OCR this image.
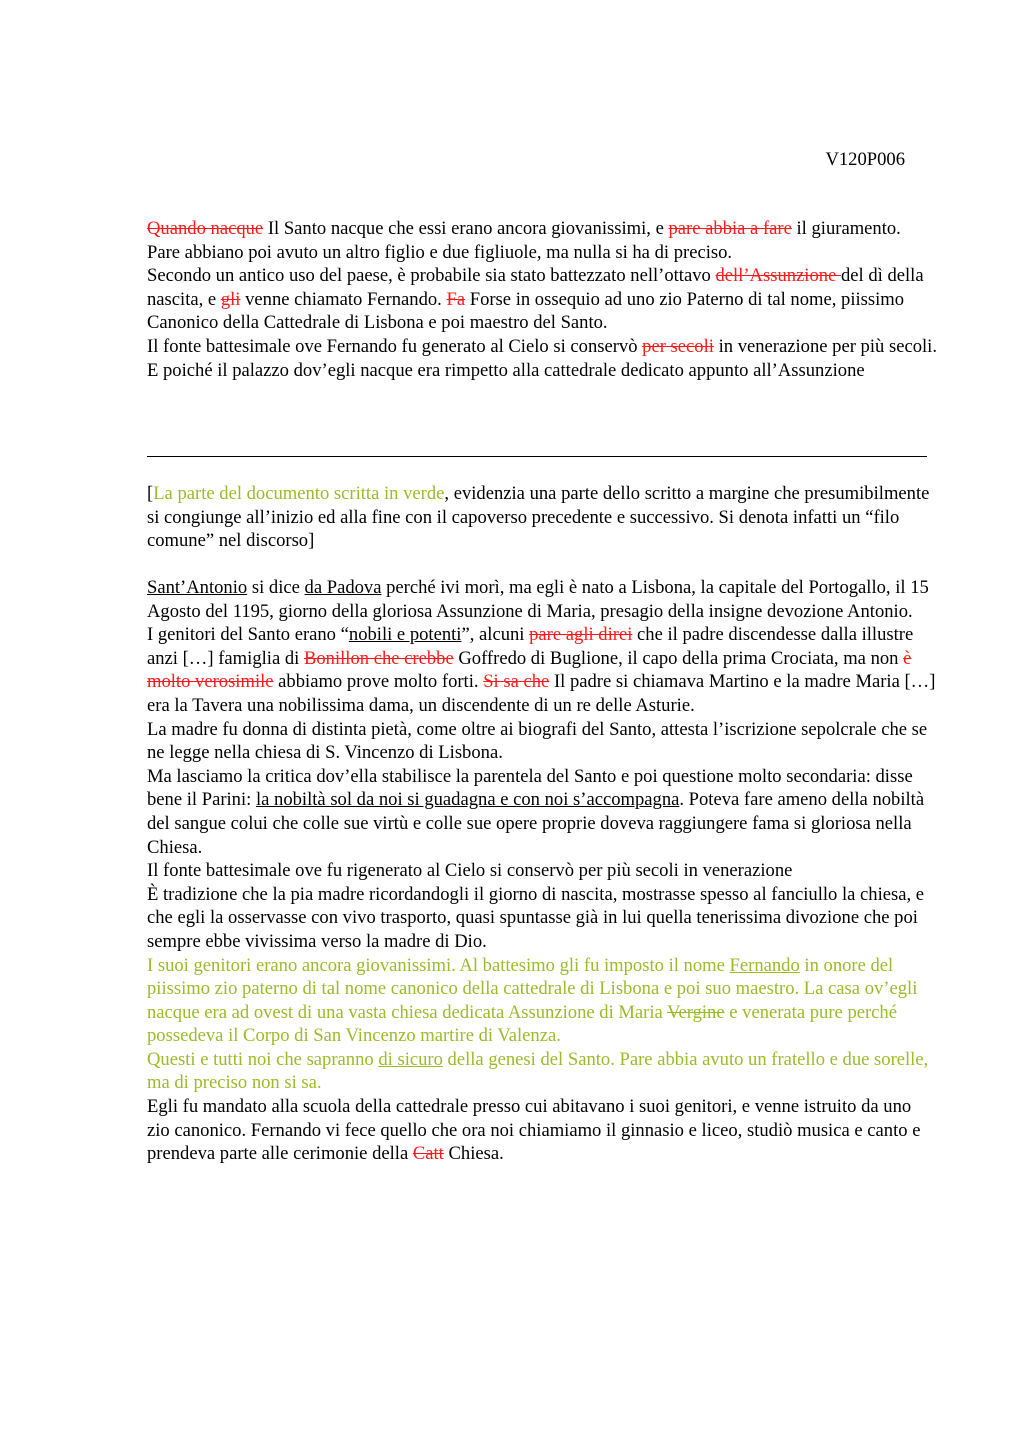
V120P006

Quando nacque Il Santo nacque che essi erano ancora giovanissimi, e pare abbia a fare il giuramento.

Pare abbiano poi avuto un altro figlio e due figliuole, ma nulla si ha di preciso.

Secondo un antico uso del paese, è probabile sia stato battezzato nell’ottavo dell’Assunzione del dì della nascita, e gli venne chiamato Fernando. Fa Forse in ossequio ad uno zio Paterno di tal nome, piissimo Canonico della Cattedrale di Lisbona e poi maestro del Santo.

Il fonte battesimale ove Fernando fu generato al Cielo si conservò per secoli in venerazione per più secoli. E poiché il palazzo dov’egli nacque era rimpetto alla cattedrale dedicato appunto all’Assunzione

[La parte del documento scritta in verde, evidenzia una parte dello scritto a margine che presumibilmente si congiunge all’inizio ed alla fine con il capoverso precedente e successivo. Si denota infatti un “filo comune” nel discorso]

Sant’Antonio si dice da Padova perché ivi morì, ma egli è nato a Lisbona, la capitale del Portogallo, il 15 Agosto del 1195, giorno della gloriosa Assunzione di Maria, presagio della insigne devozione Antonio.

I genitori del Santo erano “nobili e potenti”, alcuni pare agli direi che il padre discendesse dalla illustre anzi […] famiglia di Bonillon che crebbe Goffredo di Buglione, il capo della prima Crociata, ma non è molto verosimile abbiamo prove molto forti. Si sa che Il padre si chiamava Martino e la madre Maria […] era la Tavera una nobilissima dama, un discendente di un re delle Asturie.

La madre fu donna di distinta pietà, come oltre ai biografi del Santo, attesta l’iscrizione sepolcrale che se ne legge nella chiesa di S. Vincenzo di Lisbona.

Ma lasciamo la critica dov’ella stabilisce la parentela del Santo e poi questione molto secondaria: disse bene il Parini: la nobiltà sol da noi si guadagna e con noi s’accompagna. Poteva fare ameno della nobiltà del sangue colui che colle sue virtù e colle sue opere proprie doveva raggiungere fama si gloriosa nella Chiesa.

Il fonte battesimale ove fu rigenerato al Cielo si conservò per più secoli in venerazione

È tradizione che la pia madre ricordandogli il giorno di nascita, mostrasse spesso al fanciullo la chiesa, e che egli la osservasse con vivo trasporto, quasi spuntasse già in lui quella tenerissima divozione che poi sempre ebbe vivissima verso la madre di Dio.

I suoi genitori erano ancora giovanissimi. Al battesimo gli fu imposto il nome Fernando in onore del piissimo zio paterno di tal nome canonico della cattedrale di Lisbona e poi suo maestro. La casa ov’egli nacque era ad ovest di una vasta chiesa dedicata Assunzione di Maria Vergine e venerata pure perché possedeva il Corpo di San Vincenzo martire di Valenza.

Questi e tutti noi che sapranno di sicuro della genesi del Santo. Pare abbia avuto un fratello e due sorelle, ma di preciso non si sa.

Egli fu mandato alla scuola della cattedrale presso cui abitavano i suoi genitori, e venne istruito da uno zio canonico. Fernando vi fece quello che ora noi chiamiamo il ginnasio e liceo, studiò musica e canto e prendeva parte alle cerimonie della Catt Chiesa.
